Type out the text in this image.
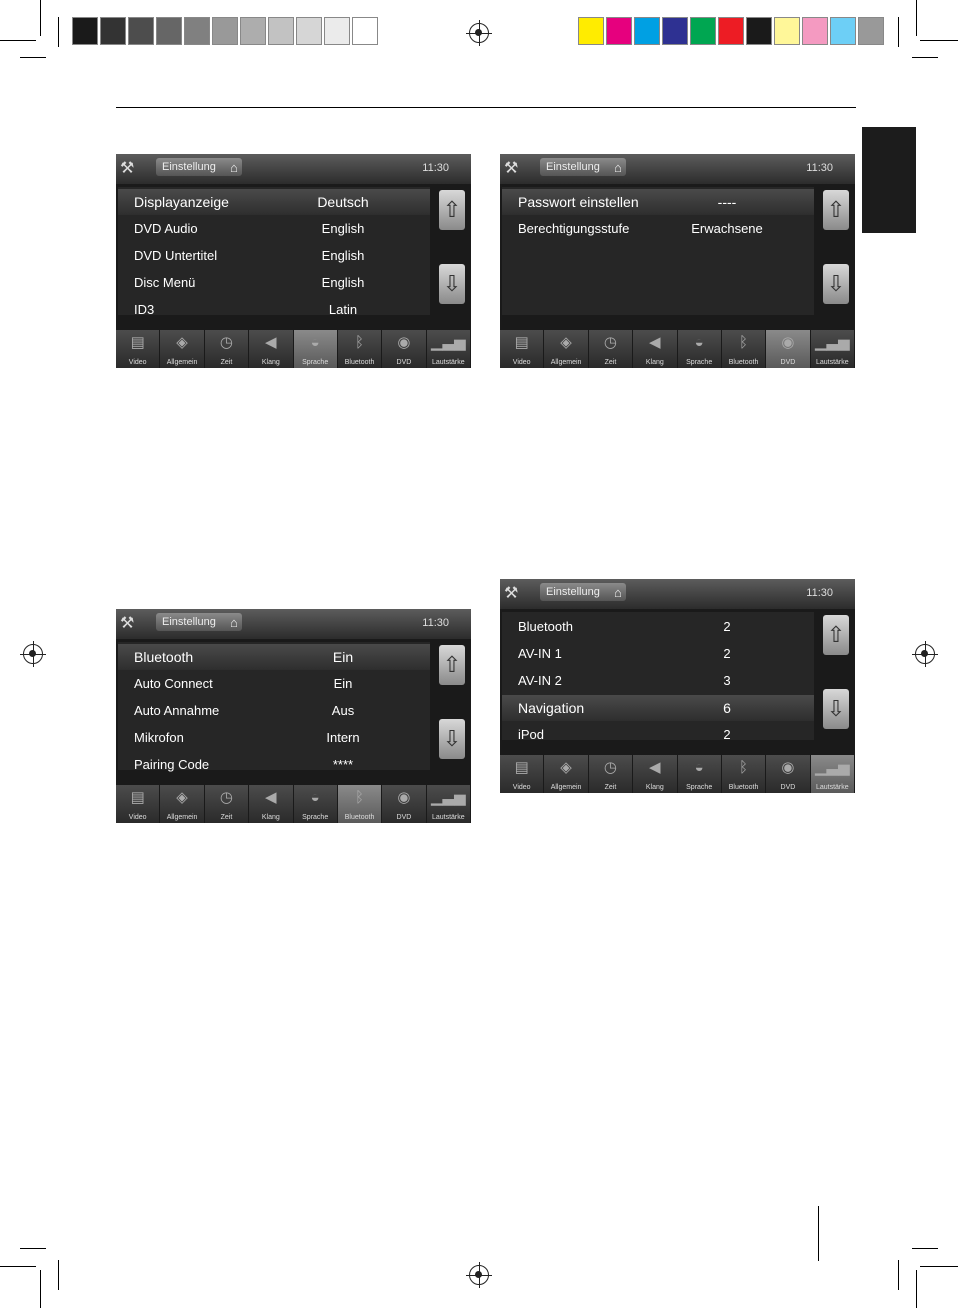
⚒	Einstellung ⌂	11:30
Displayanzeige	Deutsch
DVD Audio	English
DVD Untertitel	English
Disc Menü	English
ID3	Latin
⇧
⇩
▤
Video
◈
Allgemein
◷
Zeit
◀
Klang
◒
Sprache
ᛒ
Bluetooth
◉
DVD
▁▃▅
Lautstärke
⚒	Einstellung ⌂	11:30
Passwort einstellen	----
Berechtigungsstufe	Erwachsene
⇧
⇩
▤
Video
◈
Allgemein
◷
Zeit
◀
Klang
◒
Sprache
ᛒ
Bluetooth
◉
DVD
▁▃▅
Lautstärke
⚒	Einstellung ⌂	11:30
Bluetooth	Ein
Auto Connect	Ein
Auto Annahme	Aus
Mikrofon	Intern
Pairing Code	****
⇧
⇩
▤
Video
◈
Allgemein
◷
Zeit
◀
Klang
◒
Sprache
ᛒ
Bluetooth
◉
DVD
▁▃▅
Lautstärke
⚒	Einstellung ⌂	11:30
Bluetooth	2
AV-IN 1	2
AV-IN 2	3
Navigation	6
iPod	2
⇧
⇩
▤
Video
◈
Allgemein
◷
Zeit
◀
Klang
◒
Sprache
ᛒ
Bluetooth
◉
DVD
▁▃▅
Lautstärke
